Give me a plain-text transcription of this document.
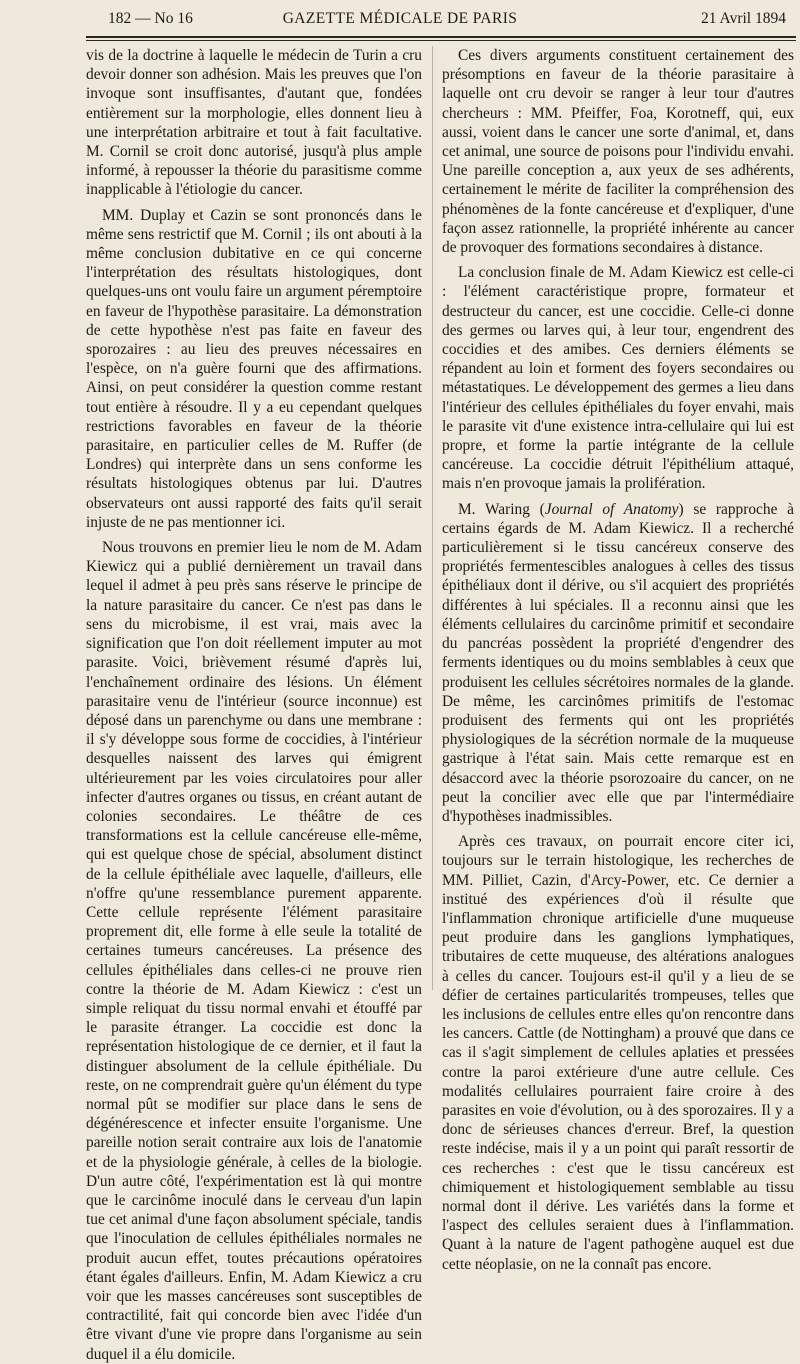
182 — No 16	GAZETTE MÉDICALE DE PARIS	21 Avril 1894

vis de la doctrine à laquelle le médecin de Turin a cru devoir donner son adhésion. Mais les preuves que l'on invoque sont insuffisantes, d'autant que, fondées entièrement sur la morphologie, elles donnent lieu à une interprétation arbitraire et tout à fait facultative. M. Cornil se croit donc autorisé, jusqu'à plus ample informé, à repousser la théorie du parasitisme comme inapplicable à l'étiologie du cancer.

MM. Duplay et Cazin se sont prononcés dans le même sens restrictif que M. Cornil ; ils ont abouti à la même conclusion dubitative en ce qui concerne l'interprétation des résultats histologiques, dont quelques-uns ont voulu faire un argument péremptoire en faveur de l'hypothèse parasitaire. La démonstration de cette hypothèse n'est pas faite en faveur des sporozaires : au lieu des preuves nécessaires en l'espèce, on n'a guère fourni que des affirmations. Ainsi, on peut considérer la question comme restant tout entière à résoudre. Il y a eu cependant quelques restrictions favorables en faveur de la théorie parasitaire, en particulier celles de M. Ruffer (de Londres) qui interprète dans un sens conforme les résultats histologiques obtenus par lui. D'autres observateurs ont aussi rapporté des faits qu'il serait injuste de ne pas mentionner ici.

Nous trouvons en premier lieu le nom de M. Adam Kiewicz qui a publié dernièrement un travail dans lequel il admet à peu près sans réserve le principe de la nature parasitaire du cancer. Ce n'est pas dans le sens du microbisme, il est vrai, mais avec la signification que l'on doit réellement imputer au mot parasite. Voici, brièvement résumé d'après lui, l'enchaînement ordinaire des lésions. Un élément parasitaire venu de l'intérieur (source inconnue) est déposé dans un parenchyme ou dans une membrane : il s'y développe sous forme de coccidies, à l'intérieur desquelles naissent des larves qui émigrent ultérieurement par les voies circulatoires pour aller infecter d'autres organes ou tissus, en créant autant de colonies secondaires. Le théâtre de ces transformations est la cellule cancéreuse elle-même, qui est quelque chose de spécial, absolument distinct de la cellule épithéliale avec laquelle, d'ailleurs, elle n'offre qu'une ressemblance purement apparente. Cette cellule représente l'élément parasitaire proprement dit, elle forme à elle seule la totalité de certaines tumeurs cancéreuses. La présence des cellules épithéliales dans celles-ci ne prouve rien contre la théorie de M. Adam Kiewicz : c'est un simple reliquat du tissu normal envahi et étouffé par le parasite étranger. La coccidie est donc la représentation histologique de ce dernier, et il faut la distinguer absolument de la cellule épithéliale. Du reste, on ne comprendrait guère qu'un élément du type normal pût se modifier sur place dans le sens de dégénérescence et infecter ensuite l'organisme. Une pareille notion serait contraire aux lois de l'anatomie et de la physiologie générale, à celles de la biologie. D'un autre côté, l'expérimentation est là qui montre que le carcinôme inoculé dans le cerveau d'un lapin tue cet animal d'une façon absolument spéciale, tandis que l'inoculation de cellules épithéliales normales ne produit aucun effet, toutes précautions opératoires étant égales d'ailleurs. Enfin, M. Adam Kiewicz a cru voir que les masses cancéreuses sont susceptibles de contractilité, fait qui concorde bien avec l'idée d'un être vivant d'une vie propre dans l'organisme au sein duquel il a élu domicile.

Ces divers arguments constituent certainement des présomptions en faveur de la théorie parasitaire à laquelle ont cru devoir se ranger à leur tour d'autres chercheurs : MM. Pfeiffer, Foa, Korotneff, qui, eux aussi, voient dans le cancer une sorte d'animal, et, dans cet animal, une source de poisons pour l'individu envahi. Une pareille conception a, aux yeux de ses adhérents, certainement le mérite de faciliter la compréhension des phénomènes de la fonte cancéreuse et d'expliquer, d'une façon assez rationnelle, la propriété inhérente au cancer de provoquer des formations secondaires à distance.

La conclusion finale de M. Adam Kiewicz est celle-ci : l'élément caractéristique propre, formateur et destructeur du cancer, est une coccidie. Celle-ci donne des germes ou larves qui, à leur tour, engendrent des coccidies et des amibes. Ces derniers éléments se répandent au loin et forment des foyers secondaires ou métastatiques. Le développement des germes a lieu dans l'intérieur des cellules épithéliales du foyer envahi, mais le parasite vit d'une existence intra-cellulaire qui lui est propre, et forme la partie intégrante de la cellule cancéreuse. La coccidie détruit l'épithélium attaqué, mais n'en provoque jamais la prolifération.

M. Waring (Journal of Anatomy) se rapproche à certains égards de M. Adam Kiewicz. Il a recherché particulièrement si le tissu cancéreux conserve des propriétés fermentescibles analogues à celles des tissus épithéliaux dont il dérive, ou s'il acquiert des propriétés différentes à lui spéciales. Il a reconnu ainsi que les éléments cellulaires du carcinôme primitif et secondaire du pancréas possèdent la propriété d'engendrer des ferments identiques ou du moins semblables à ceux que produisent les cellules sécrétoires normales de la glande. De même, les carcinômes primitifs de l'estomac produisent des ferments qui ont les propriétés physiologiques de la sécrétion normale de la muqueuse gastrique à l'état sain. Mais cette remarque est en désaccord avec la théorie psorozoaire du cancer, on ne peut la concilier avec elle que par l'intermédiaire d'hypothèses inadmissibles.

Après ces travaux, on pourrait encore citer ici, toujours sur le terrain histologique, les recherches de MM. Pilliet, Cazin, d'Arcy-Power, etc. Ce dernier a institué des expériences d'où il résulte que l'inflammation chronique artificielle d'une muqueuse peut produire dans les ganglions lymphatiques, tributaires de cette muqueuse, des altérations analogues à celles du cancer. Toujours est-il qu'il y a lieu de se défier de certaines particularités trompeuses, telles que les inclusions de cellules entre elles qu'on rencontre dans les cancers. Cattle (de Nottingham) a prouvé que dans ce cas il s'agit simplement de cellules aplaties et pressées contre la paroi extérieure d'une autre cellule. Ces modalités cellulaires pourraient faire croire à des parasites en voie d'évolution, ou à des sporozaires. Il y a donc de sérieuses chances d'erreur. Bref, la question reste indécise, mais il y a un point qui paraît ressortir de ces recherches : c'est que le tissu cancéreux est chimiquement et histologiquement semblable au tissu normal dont il dérive. Les variétés dans la forme et l'aspect des cellules seraient dues à l'inflammation. Quant à la nature de l'agent pathogène auquel est due cette néoplasie, on ne la connaît pas encore.
